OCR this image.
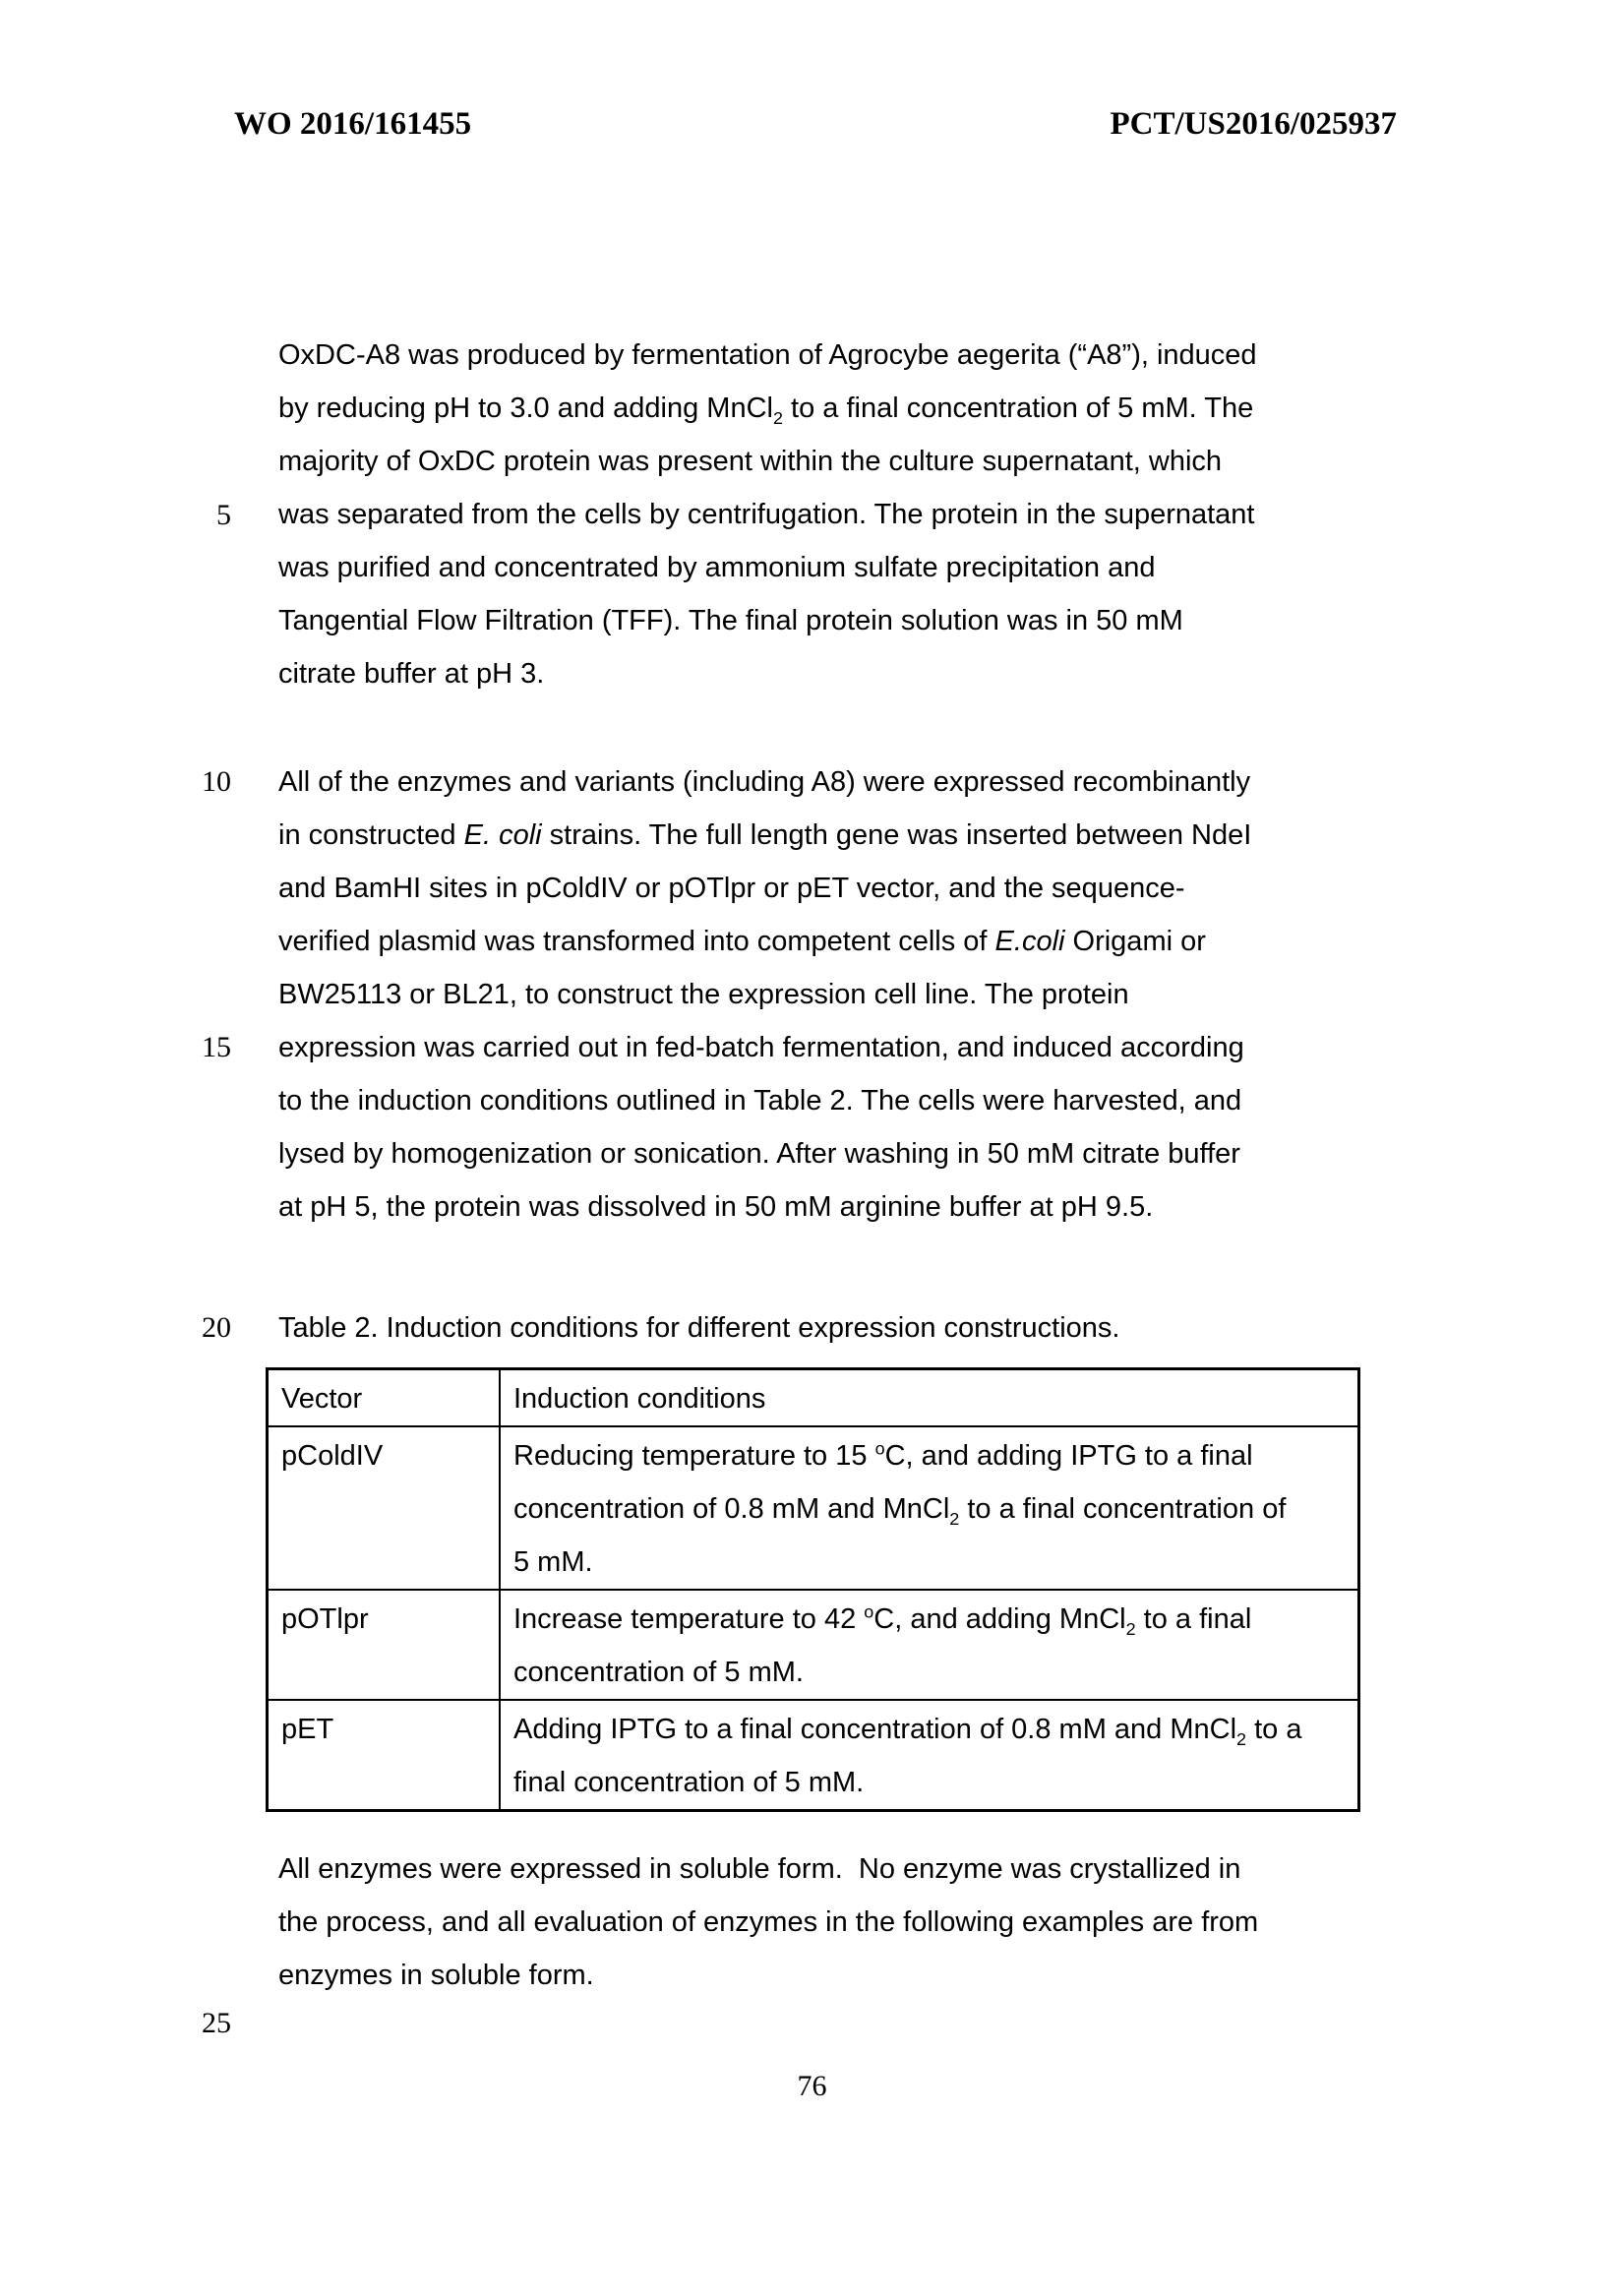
WO 2016/161455	PCT/US2016/025937
5
10
15
20
25
OxDC-A8 was produced by fermentation of Agrocybe aegerita (“A8”), induced
by reducing pH to 3.0 and adding MnCl$_2$ to a final concentration of 5 mM. The
majority of OxDC protein was present within the culture supernatant, which
was separated from the cells by centrifugation. The protein in the supernatant
was purified and concentrated by ammonium sulfate precipitation and
Tangential Flow Filtration (TFF). The final protein solution was in 50 mM
citrate buffer at pH 3.
All of the enzymes and variants (including A8) were expressed recombinantly
in constructed E. coli strains. The full length gene was inserted between NdeI
and BamHI sites in pColdIV or pOTlpr or pET vector, and the sequence-
verified plasmid was transformed into competent cells of E.coli Origami or
BW25113 or BL21, to construct the expression cell line. The protein
expression was carried out in fed-batch fermentation, and induced according
to the induction conditions outlined in Table 2. The cells were harvested, and
lysed by homogenization or sonication. After washing in 50 mM citrate buffer
at pH 5, the protein was dissolved in 50 mM arginine buffer at pH 9.5.
Table 2. Induction conditions for different expression constructions.
All enzymes were expressed in soluble form.  No enzyme was crystallized in
the process, and all evaluation of enzymes in the following examples are from
enzymes in soluble form.
Vector	Induction conditions
pColdIV	Reducing temperature to 15 $^o$C, and adding IPTG to a final
concentration of 0.8 mM and MnCl$_2$ to a final concentration of
5 mM.

pOTlpr	Increase temperature to 42 $^o$C, and adding MnCl$_2$ to a final
concentration of 5 mM.

pET	Adding IPTG to a final concentration of 0.8 mM and MnCl$_2$ to a
final concentration of 5 mM.
76
